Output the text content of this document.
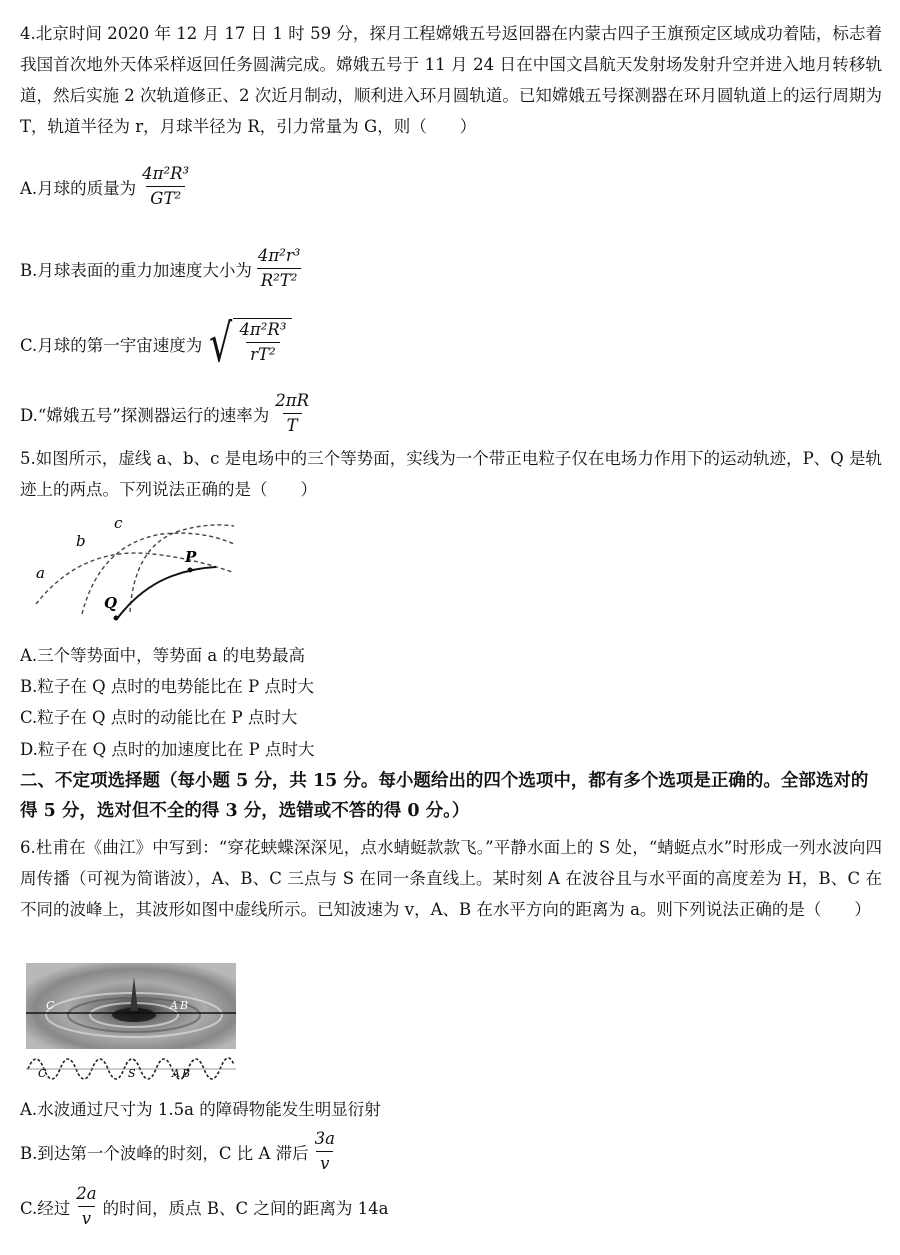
4.北京时间 2020 年 12 月 17 日 1 时 59 分，探月工程嫦娥五号返回器在内蒙古四子王旗预定区域成功着陆，标志着我国首次地外天体采样返回任务圆满完成。嫦娥五号于 11 月 24 日在中国文昌航天发射场发射升空并进入地月转移轨道，然后实施 2 次轨道修正、2 次近月制动，顺利进入环月圆轨道。已知嫦娥五号探测器在环月圆轨道上的运行周期为 T，轨道半径为 r，月球半径为 R，引力常量为 G，则（　　）
A.月球的质量为 $\frac{\text{4π²R³}}{\text{GT²}}$
B.月球表面的重力加速度大小为 $\frac{\text{4π²r³}}{\text{R²T²}}$
C.月球的第一宇宙速度为 √ $\frac{\text{4π²R³}}{\text{rT²}}$
D.“嫦娥五号”探测器运行的速率为 $\frac{2\pi R}{T}$
5.如图所示，虚线 a、b、c 是电场中的三个等势面，实线为一个带正电粒子仅在电场力作用下的运动轨迹，P、Q 是轨迹上的两点。下列说法正确的是（　　）
a
b
c
P
Q
A.三个等势面中，等势面 a 的电势最高
B.粒子在 Q 点时的电势能比在 P 点时大
C.粒子在 Q 点时的动能比在 P 点时大
D.粒子在 Q 点时的加速度比在 P 点时大
二、不定项选择题（每小题 5 分，共 15 分。每小题给出的四个选项中，都有多个选项是正确的。全部选对的得 5 分，选对但不全的得 3 分，选错或不答的得 0 分。）
6.杜甫在《曲江》中写到：“穿花蛱蝶深深见，点水蜻蜓款款飞。”平静水面上的 S 处，“蜻蜓点水”时形成一列水波向四周传播（可视为简谐波），A、B、C 三点与 S 在同一条直线上。某时刻 A 在波谷且与水平面的高度差为 H，B、C 在不同的波峰上，其波形如图中虚线所示。已知波速为 v，A、B 在水平方向的距离为 a。则下列说法正确的是（　　）
C	A B
C	S	A B
A.水波通过尺寸为 1.5a 的障碍物能发生明显衍射
B.到达第一个波峰的时刻，C 比 A 滞后 $\frac{3a}{v}$
C.经过 $\frac{2a}{v}$ 的时间，质点 B、C 之间的距离为 14a
